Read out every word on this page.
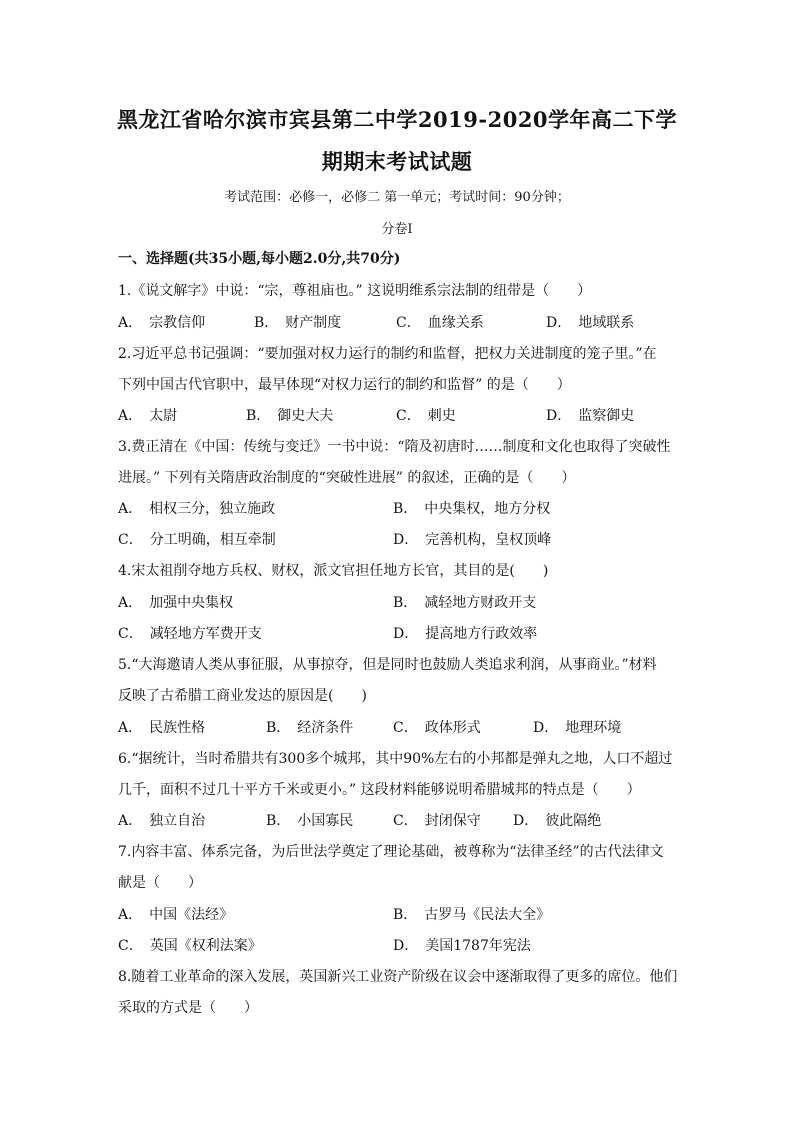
黑龙江省哈尔滨市宾县第二中学2019-2020学年高二下学
期期末考试试题
考试范围：必修一，必修二 第一单元；考试时间：90分钟；
分卷I
一、选择题(共35小题,每小题2.0分,共70分)
1.《说文解字》中说：“宗，尊祖庙也。” 这说明维系宗法制的纽带是（　　）
A．　宗教信仰	B．　财产制度	C．　血缘关系	D．　地域联系
2.习近平总书记强调：“要加强对权力运行的制约和监督，把权力关进制度的笼子里。”在
下列中国古代官职中，最早体现“对权力运行的制约和监督” 的是（　　）
A．　太尉	B．　御史大夫	C．　刺史	D．　监察御史
3.费正清在《中国：传统与变迁》一书中说：“隋及初唐时……制度和文化也取得了突破性
进展。” 下列有关隋唐政治制度的“突破性进展” 的叙述，正确的是（　　）
A．　相权三分，独立施政	B．　中央集权，地方分权
C．　分工明确，相互牵制	D．　完善机构，皇权顶峰
4.宋太祖削夺地方兵权、财权，派文官担任地方长官，其目的是(　　)
A．　加强中央集权	B．　减轻地方财政开支
C．　减轻地方军费开支	D．　提高地方行政效率
5.“大海邀请人类从事征服，从事掠夺，但是同时也鼓励人类追求利润，从事商业。”材料
反映了古希腊工商业发达的原因是(　　)
A．　民族性格	B．　经济条件	C．　政体形式	D．　地理环境
6.“据统计，当时希腊共有300多个城邦，其中90%左右的小邦都是弹丸之地，人口不超过
几千，面积不过几十平方千米或更小。” 这段材料能够说明希腊城邦的特点是（　　）
A．　独立自治	B．　小国寡民	C．　封闭保守 D．　彼此隔绝
7.内容丰富、体系完备，为后世法学奠定了理论基础，被尊称为“法律圣经”的古代法律文
献是（　　）
A．　中国《法经》	B．　古罗马《民法大全》
C．　英国《权利法案》	D．　美国1787年宪法
8.随着工业革命的深入发展，英国新兴工业资产阶级在议会中逐渐取得了更多的席位。他们
采取的方式是（　　）
